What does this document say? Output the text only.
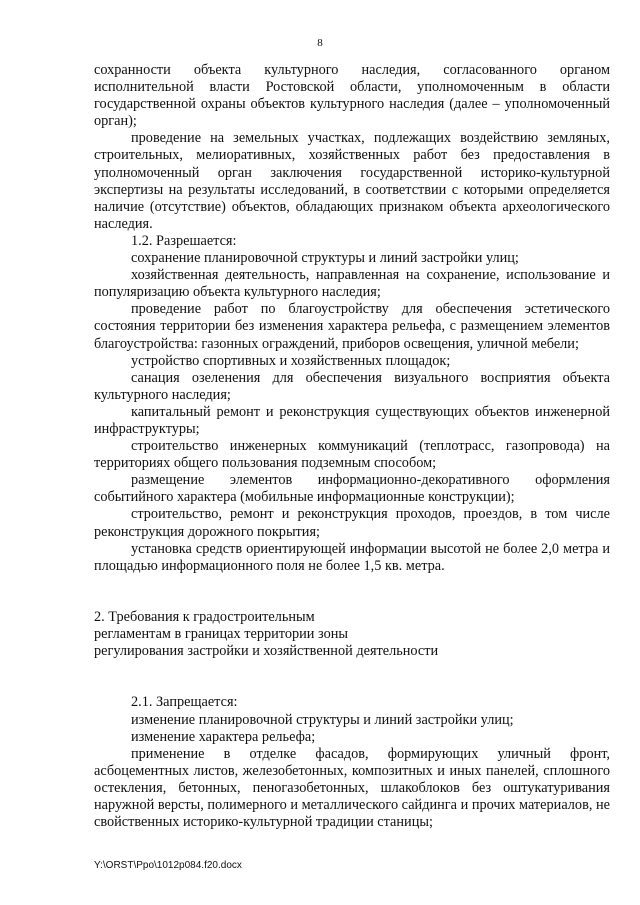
8

сохранности объекта культурного наследия, согласованного органом исполнительной власти Ростовской области, уполномоченным в области государственной охраны объектов культурного наследия (далее – уполномоченный орган);

проведение на земельных участках, подлежащих воздействию земляных, строительных, мелиоративных, хозяйственных работ без предоставления в уполномоченный орган заключения государственной историко-культурной экспертизы на результаты исследований, в соответствии с которыми определяется наличие (отсутствие) объектов, обладающих признаком объекта археологического наследия.

1.2. Разрешается:

сохранение планировочной структуры и линий застройки улиц;

хозяйственная деятельность, направленная на сохранение, использование и популяризацию объекта культурного наследия;

проведение работ по благоустройству для обеспечения эстетического состояния территории без изменения характера рельефа, с размещением элементов благоустройства: газонных ограждений, приборов освещения, уличной мебели;

устройство спортивных и хозяйственных площадок;

санация озеленения для обеспечения визуального восприятия объекта культурного наследия;

капитальный ремонт и реконструкция существующих объектов инженерной инфраструктуры;

строительство инженерных коммуникаций (теплотрасс, газопровода) на территориях общего пользования подземным способом;

размещение элементов информационно-декоративного оформления событийного характера (мобильные информационные конструкции);

строительство, ремонт и реконструкция проходов, проездов, в том числе реконструкция дорожного покрытия;

установка средств ориентирующей информации высотой не более 2,0 метра и площадью информационного поля не более 1,5 кв. метра.

2. Требования к градостроительным

регламентам в границах территории зоны

регулирования застройки и хозяйственной деятельности

2.1. Запрещается:

изменение планировочной структуры и линий застройки улиц;

изменение характера рельефа;

применение в отделке фасадов, формирующих уличный фронт, асбоцементных листов, железобетонных, композитных и иных панелей, сплошного остекления, бетонных, пеногазобетонных, шлакоблоков без оштукатуривания наружной версты, полимерного и металлического сайдинга и прочих материалов, не свойственных историко-культурной традиции станицы;

Y:\ORST\Ppo\1012p084.f20.docx
